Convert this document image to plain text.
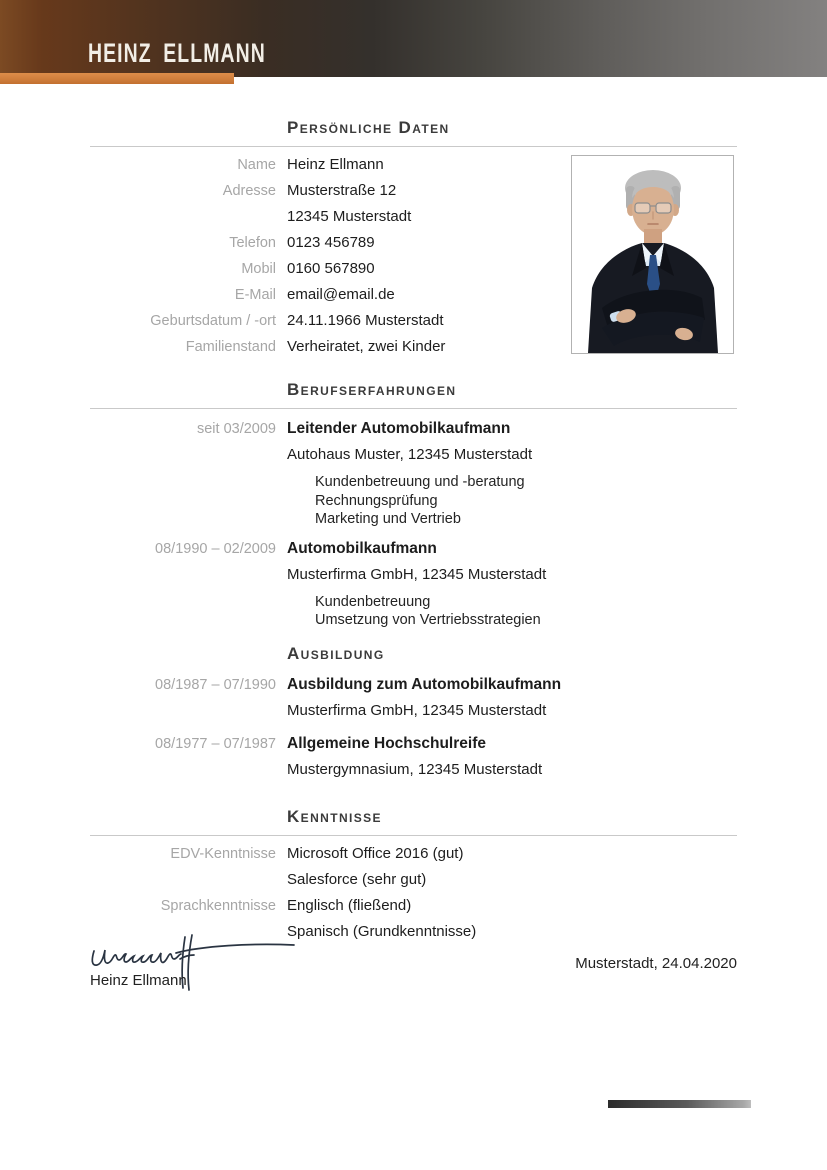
HEINZ ELLMANN
Persönliche Daten
Name Heinz Ellmann
Adresse Musterstraße 12
12345 Musterstadt
Telefon 0123 456789
Mobil 0160 567890
E-Mail email@email.de
Geburtsdatum / -ort 24.11.1966 Musterstadt
Familienstand Verheiratet, zwei Kinder
Berufserfahrungen
seit 03/2009 Leitender Automobilkaufmann
Autohaus Muster, 12345 Musterstadt
Kundenbetreuung und -beratung
Rechnungsprüfung
Marketing und Vertrieb
08/1990 – 02/2009 Automobilkaufmann
Musterfirma GmbH, 12345 Musterstadt
Kundenbetreuung
Umsetzung von Vertriebsstrategien
Ausbildung
08/1987 – 07/1990 Ausbildung zum Automobilkaufmann
Musterfirma GmbH, 12345 Musterstadt
08/1977 – 07/1987 Allgemeine Hochschulreife
Mustergymnasium, 12345 Musterstadt
Kenntnisse
EDV-Kenntnisse Microsoft Office 2016 (gut)
Salesforce (sehr gut)
Sprachkenntnisse Englisch (fließend)
Spanisch (Grundkenntnisse)
Heinz Ellmann
Musterstadt, 24.04.2020
